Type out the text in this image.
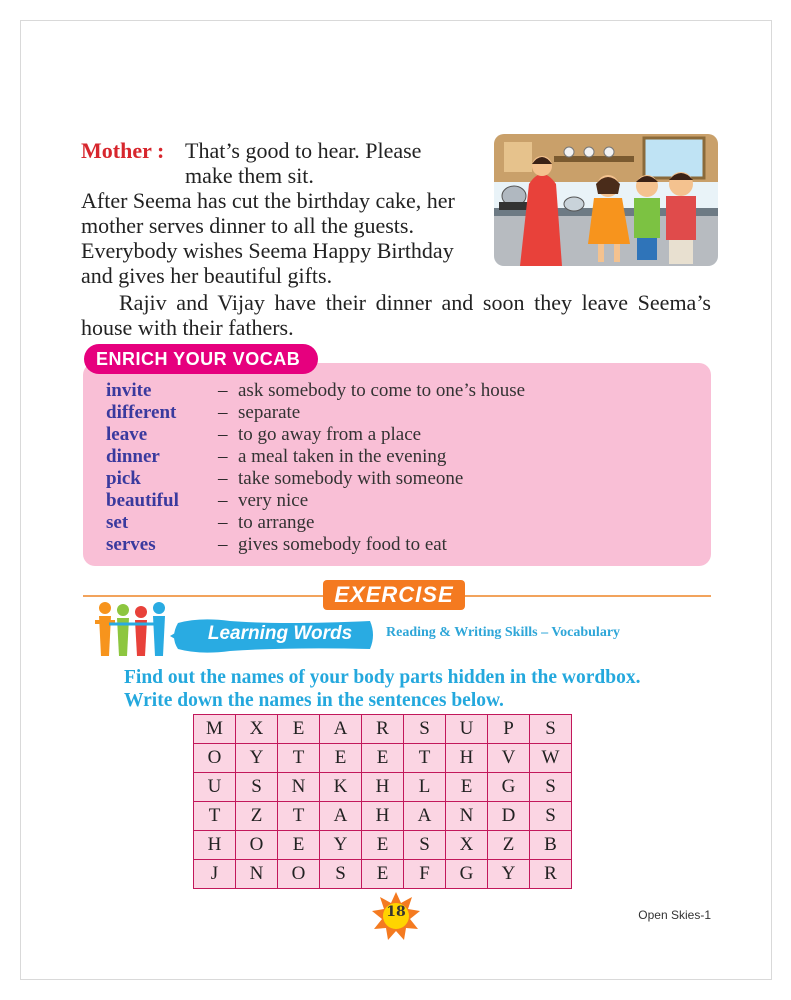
Mother : That’s good to hear. Please

make them sit.

After Seema has cut the birthday cake, her

mother serves dinner to all the guests.

Everybody wishes Seema Happy Birthday

and gives her beautiful gifts.

Rajiv and Vijay have their dinner and soon they leave Seema’s house with their fathers.

ENRICH YOUR VOCAB
invite	– ask somebody to come to one’s house
different	– separate
leave	– to go away from a place
dinner	– a meal taken in the evening
pick	– take somebody with someone
beautiful	– very nice
set	– to arrange
serves	– gives somebody food to eat
EXERCISE
Learning Words	Reading & Writing Skills – Vocabulary

Find out the names of your body parts hidden in the wordbox.

Write down the names in the sentences below.

M	X	E	A	R	S	U	P	S
O	Y	T	E	E	T	H	V	W
U	S	N	K	H	L	E	G	S
T	Z	T	A	H	A	N	D	S
H	O	E	Y	E	S	X	Z	B
J	N	O	S	E	F	G	Y	R
18	Open Skies-1
